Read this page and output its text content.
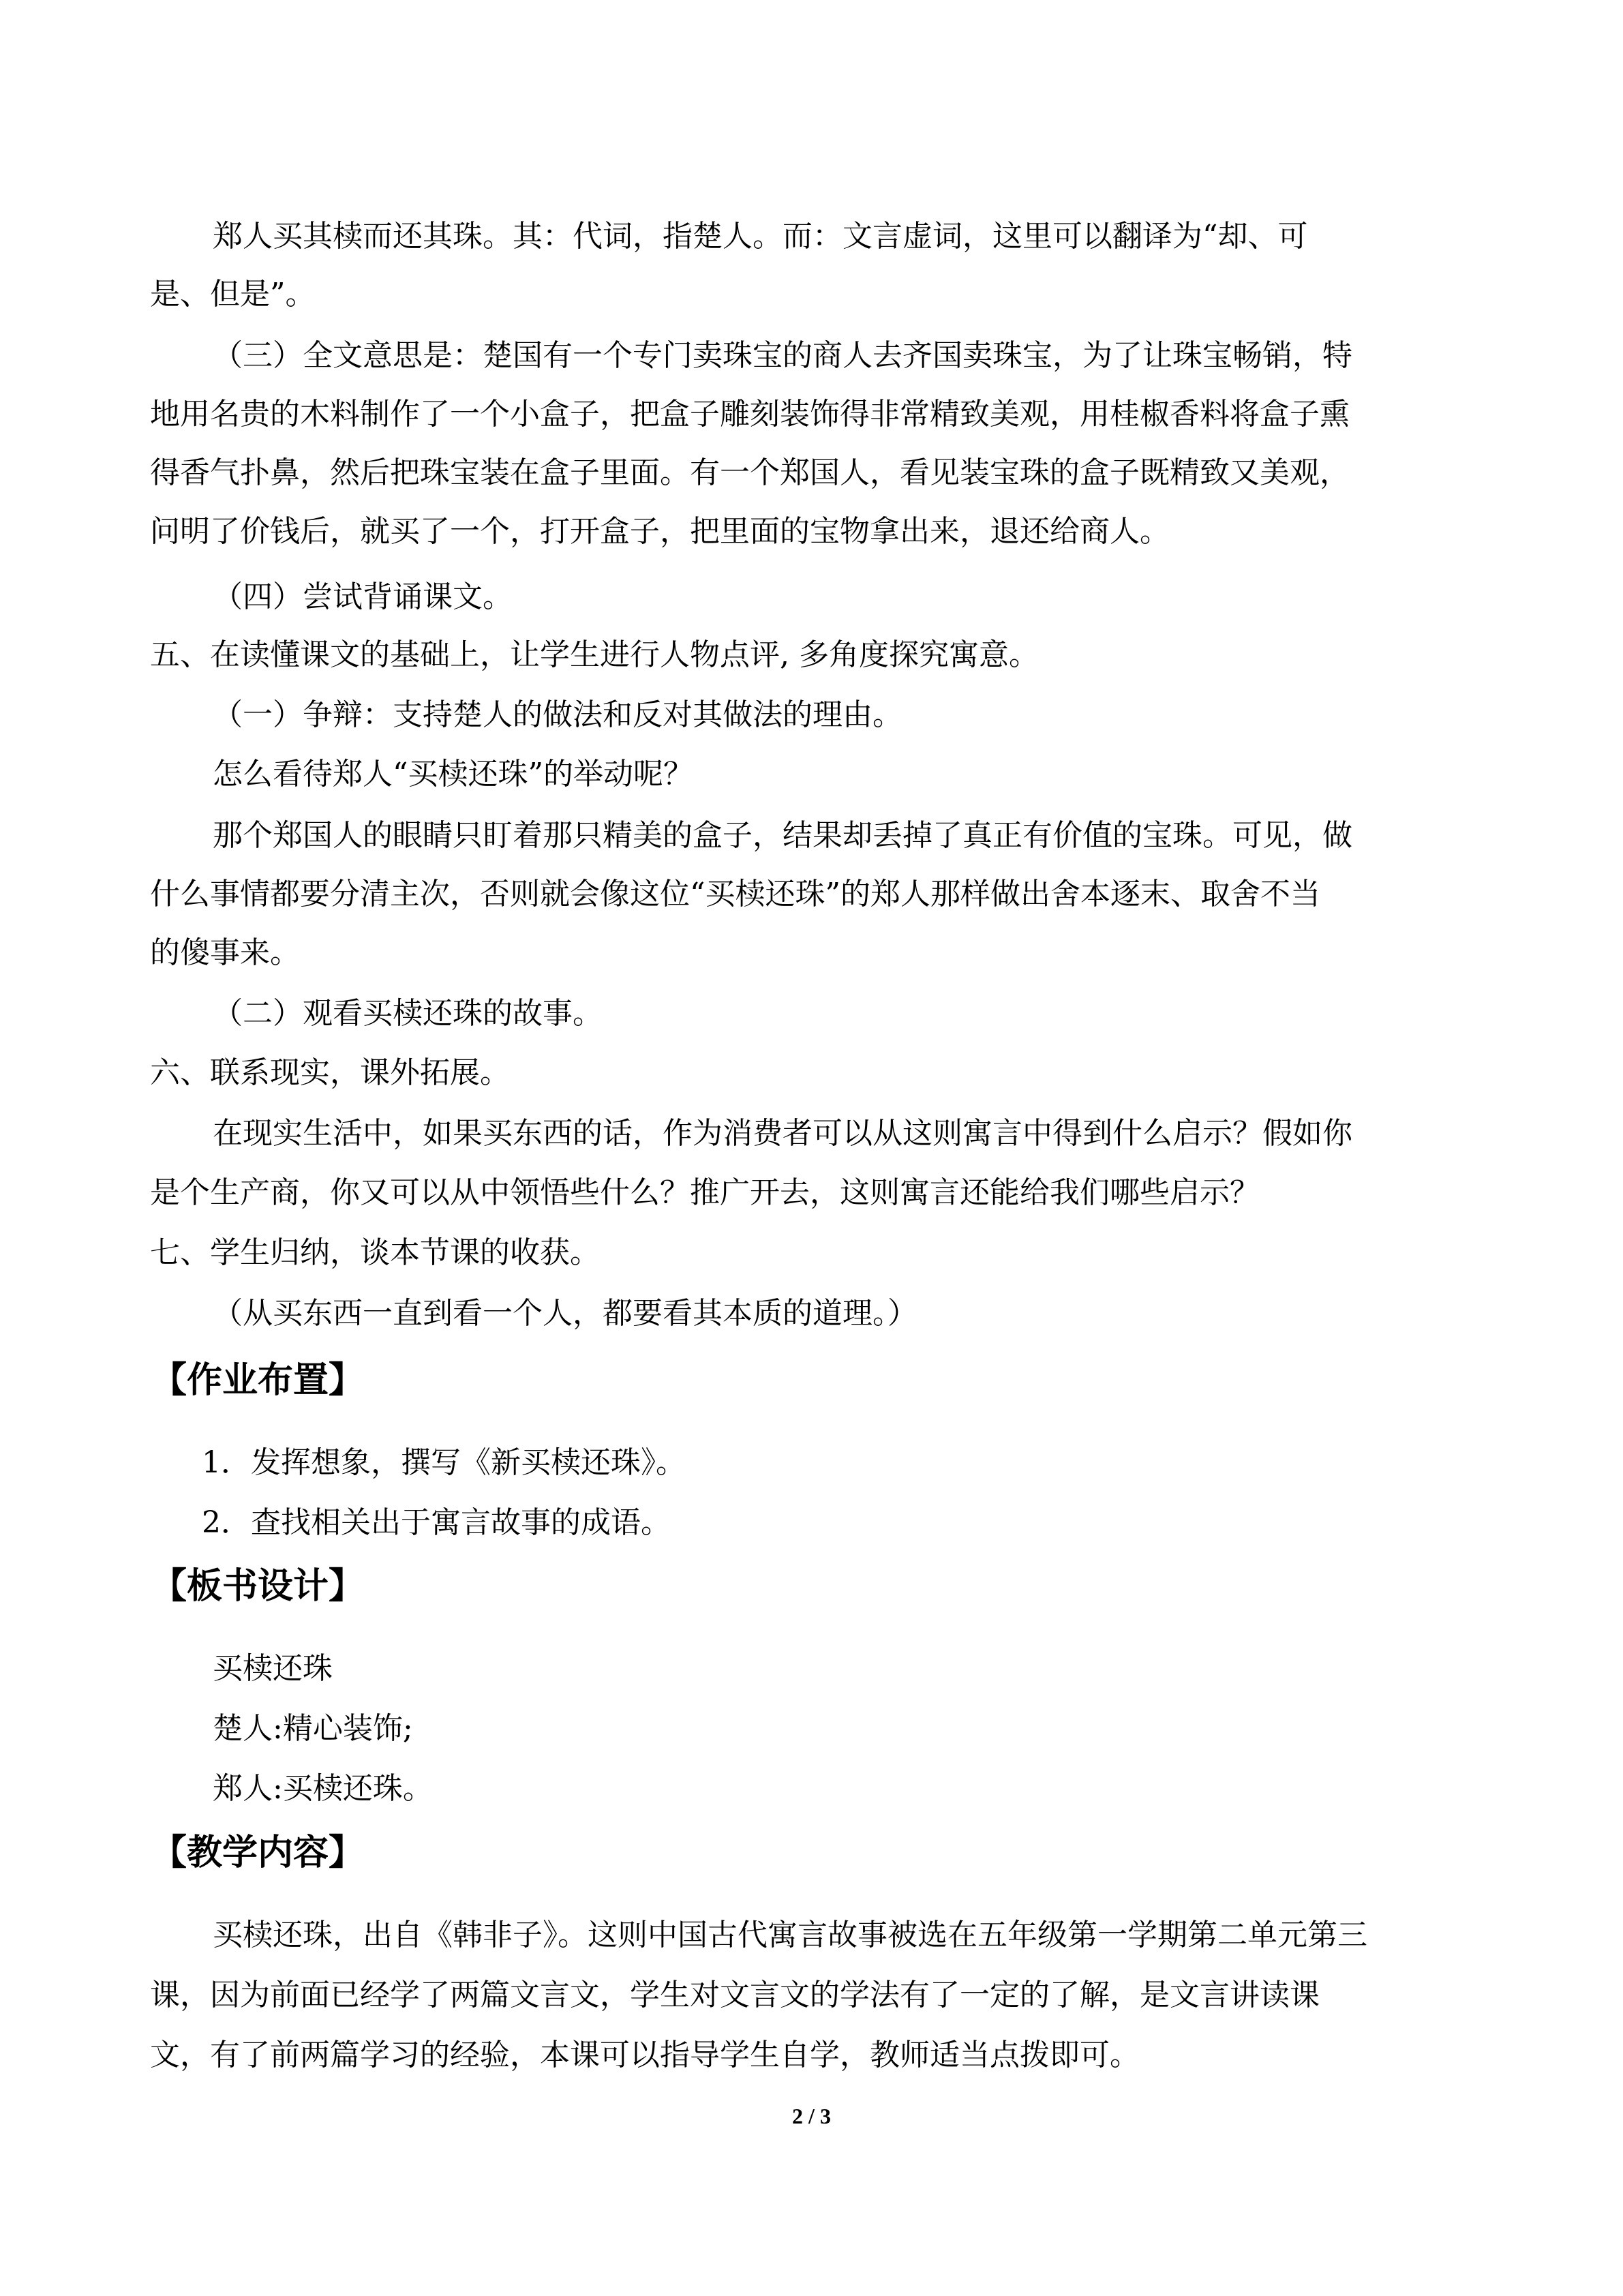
郑人买其椟而还其珠。其：代词，指楚人。而：文言虚词，这里可以翻译为“却、可
是、但是”。
（三）全文意思是：楚国有一个专门卖珠宝的商人去齐国卖珠宝，为了让珠宝畅销，特
地用名贵的木料制作了一个小盒子，把盒子雕刻装饰得非常精致美观，用桂椒香料将盒子熏
得香气扑鼻，然后把珠宝装在盒子里面。有一个郑国人，看见装宝珠的盒子既精致又美观，
问明了价钱后，就买了一个，打开盒子，把里面的宝物拿出来，退还给商人。
（四）尝试背诵课文。
五、在读懂课文的基础上，让学生进行人物点评, 多角度探究寓意。
（一）争辩：支持楚人的做法和反对其做法的理由。
怎么看待郑人“买椟还珠”的举动呢？
那个郑国人的眼睛只盯着那只精美的盒子，结果却丢掉了真正有价值的宝珠。可见，做
什么事情都要分清主次，否则就会像这位“买椟还珠”的郑人那样做出舍本逐末、取舍不当
的傻事来。
（二）观看买椟还珠的故事。
六、联系现实，课外拓展。
在现实生活中，如果买东西的话，作为消费者可以从这则寓言中得到什么启示？假如你
是个生产商，你又可以从中领悟些什么？推广开去，这则寓言还能给我们哪些启示？
七、学生归纳，谈本节课的收获。
（从买东西一直到看一个人，都要看其本质的道理。）
【作业布置】
1．发挥想象，撰写《新买椟还珠》。
2．查找相关出于寓言故事的成语。
【板书设计】
买椟还珠
楚人:精心装饰;
郑人:买椟还珠。
【教学内容】
买椟还珠，出自《韩非子》。这则中国古代寓言故事被选在五年级第一学期第二单元第三
课，因为前面已经学了两篇文言文，学生对文言文的学法有了一定的了解，是文言讲读课
文，有了前两篇学习的经验，本课可以指导学生自学，教师适当点拨即可。
2 / 3
